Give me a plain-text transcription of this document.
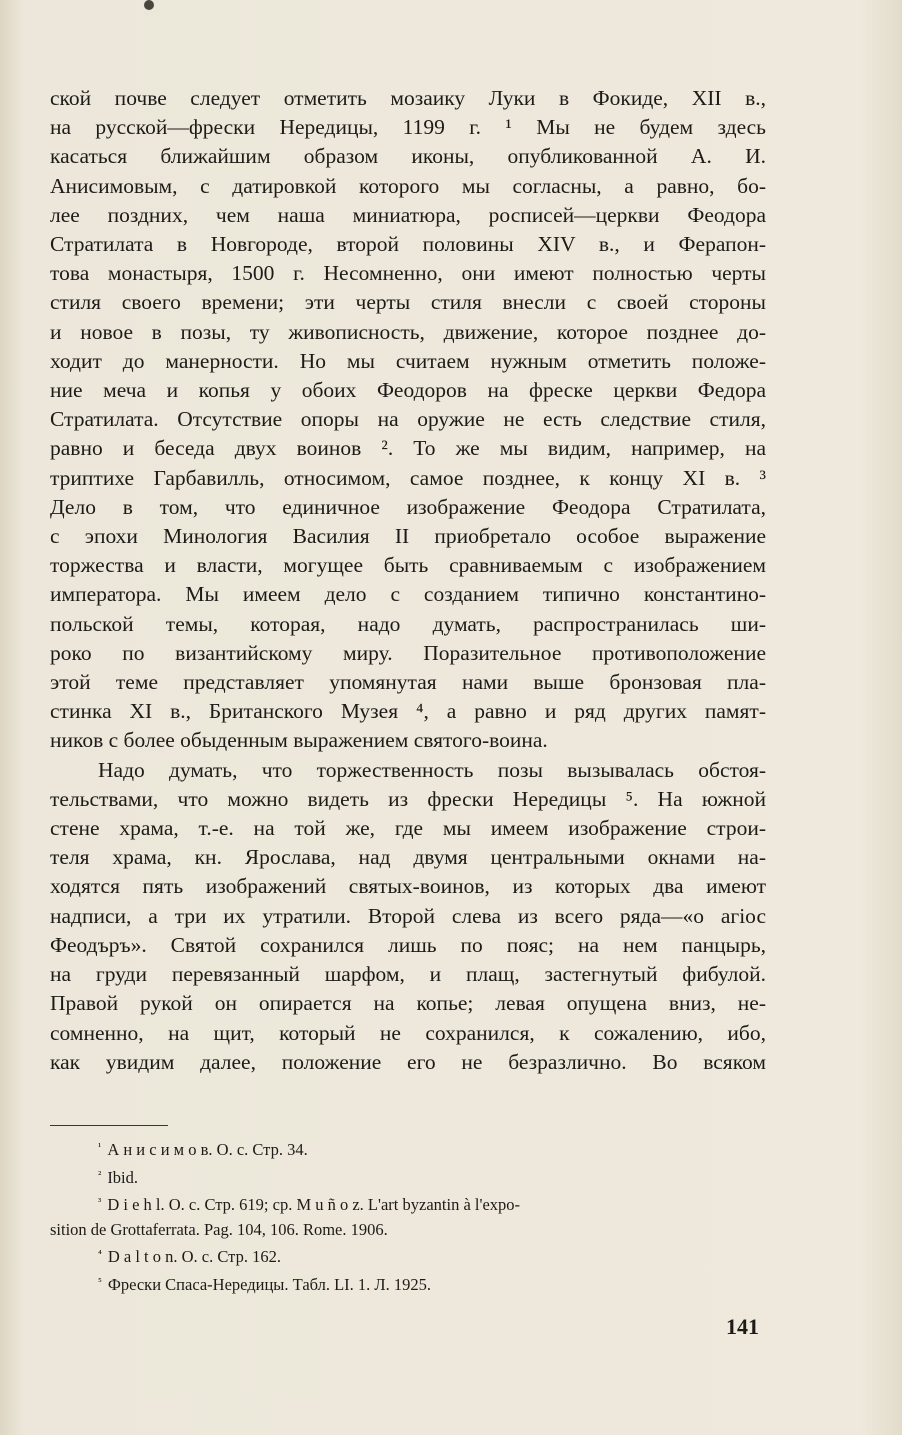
ской почве следует отметить мозаику Луки в Фокиде, XII в.,
на русской—фрески Нередицы, 1199 г. ¹ Мы не будем здесь
касаться ближайшим образом иконы, опубликованной А. И.
Анисимовым, с датировкой которого мы согласны, а равно, бо-
лее поздних, чем наша миниатюра, росписей—церкви Феодора
Стратилата в Новгороде, второй половины XIV в., и Ферапон-
това монастыря, 1500 г. Несомненно, они имеют полностью черты
стиля своего времени; эти черты стиля внесли с своей стороны
и новое в позы, ту живописность, движение, которое позднее до-
ходит до манерности. Но мы считаем нужным отметить положе-
ние меча и копья у обоих Феодоров на фреске церкви Федора
Стратилата. Отсутствие опоры на оружие не есть следствие стиля,
равно и беседа двух воинов ². То же мы видим, например, на
триптихе Гарбавилль, относимом, самое позднее, к концу XI в. ³
Дело в том, что единичное изображение Феодора Стратилата,
с эпохи Минология Василия II приобретало особое выражение
торжества и власти, могущее быть сравниваемым с изображением
императора. Мы имеем дело с созданием типично константино-
польской темы, которая, надо думать, распространилась ши-
роко по византийскому миру. Поразительное противоположение
этой теме представляет упомянутая нами выше бронзовая пла-
стинка XI в., Британского Музея ⁴, а равно и ряд других памят-
ников с более обыденным выражением святого-воина.
Надо думать, что торжественность позы вызывалась обстоя-
тельствами, что можно видеть из фрески Нередицы ⁵. На южной
стене храма, т.-е. на той же, где мы имеем изображение строи-
теля храма, кн. Ярослава, над двумя центральными окнами на-
ходятся пять изображений святых-воинов, из которых два имеют
надписи, а три их утратили. Второй слева из всего ряда—«о агіос
Феодъръ». Святой сохранился лишь по пояс; на нем панцырь,
на груди перевязанный шарфом, и плащ, застегнутый фибулой.
Правой рукой он опирается на копье; левая опущена вниз, не-
сомненно, на щит, который не сохранился, к сожалению, ибо,
как увидим далее, положение его не безразлично. Во всяком
$^{^1}$ А н и с и м о в. О. с. Стр. 34.
$^{^2}$ Ibid.
$^{^3}$ D i e h l. O. c. Стр. 619; ср. M u ñ o z. L'art byzantin à l'expo-
sition de Grottaferrata. Pag. 104, 106. Rome. 1906.
$^{^4}$ D a l t o n. O. c. Стр. 162.
$^{^5}$ Фрески Спаса-Нередицы. Табл. LI. 1. Л. 1925.
141
